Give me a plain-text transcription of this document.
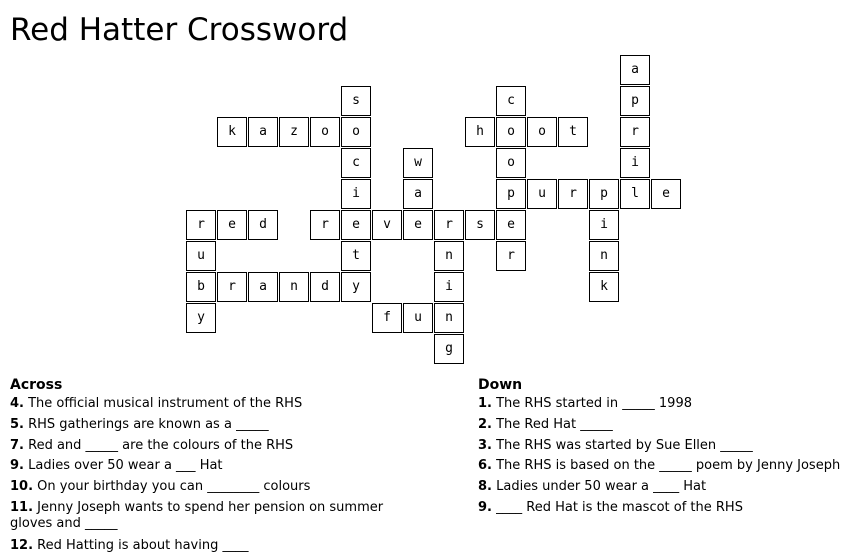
Red Hatter Crossword
a
s	c	p
k	a	z	o	o	h	o	o	t	r
c	w	o	i
i	a	p	u	r	p	l	e
r	e	d	r	e	v	e	r	s	e	i
u	t	n	r	n
b	r	a	n	d	y	i	k
y	f	u	n
g
Across
4. The official musical instrument of the RHS
5. RHS gatherings are known as a _____
7. Red and _____ are the colours of the RHS
9. Ladies over 50 wear a ___ Hat
10. On your birthday you can ________ colours
11. Jenny Joseph wants to spend her pension on summer gloves and _____
12. Red Hatting is about having ____
Down
1. The RHS started in _____ 1998
2. The Red Hat _____
3. The RHS was started by Sue Ellen _____
6. The RHS is based on the _____ poem by Jenny Joseph
8. Ladies under 50 wear a ____ Hat
9. ____ Red Hat is the mascot of the RHS
